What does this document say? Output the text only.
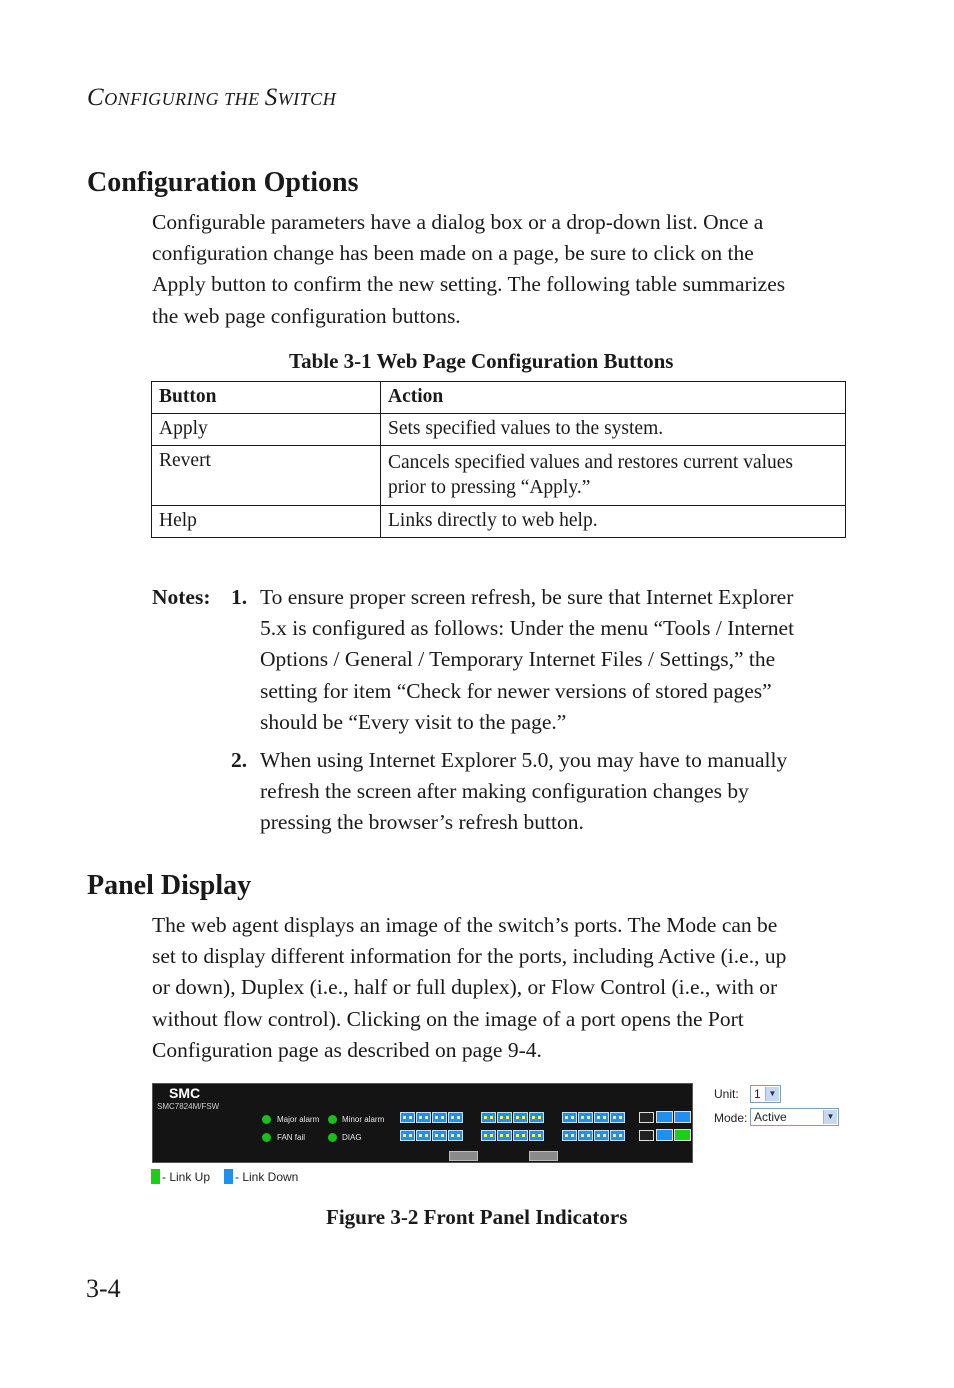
CONFIGURING THE SWITCH
Configuration Options
Configurable parameters have a dialog box or a drop-down list. Once a
configuration change has been made on a page, be sure to click on the
Apply button to confirm the new setting. The following table summarizes
the web page configuration buttons.
Table 3-1 Web Page Configuration Buttons
Button	Action
Apply	Sets specified values to the system.
Revert	Cancels specified values and restores current values
prior to pressing “Apply.”

Help	Links directly to web help.
Notes: 1. To ensure proper screen refresh, be sure that Internet Explorer
5.x is configured as follows: Under the menu “Tools / Internet
Options / General / Temporary Internet Files / Settings,” the
setting for item “Check for newer versions of stored pages”
should be “Every visit to the page.”
2. When using Internet Explorer 5.0, you may have to manually
refresh the screen after making configuration changes by
pressing the browser’s refresh button.
Panel Display
The web agent displays an image of the switch’s ports. The Mode can be
set to display different information for the ports, including Active (i.e., up
or down), Duplex (i.e., half or full duplex), or Flow Control (i.e., with or
without flow control). Clicking on the image of a port opens the Port
Configuration page as described on page 9-4.
SMC
SMC7824M/FSW
Major alarm	Minor alarm
FAN fail	DIAG
- Link Up - Link Down
Unit:	1 ▼
Mode: Active	▼
Figure 3-2 Front Panel Indicators
3-4
